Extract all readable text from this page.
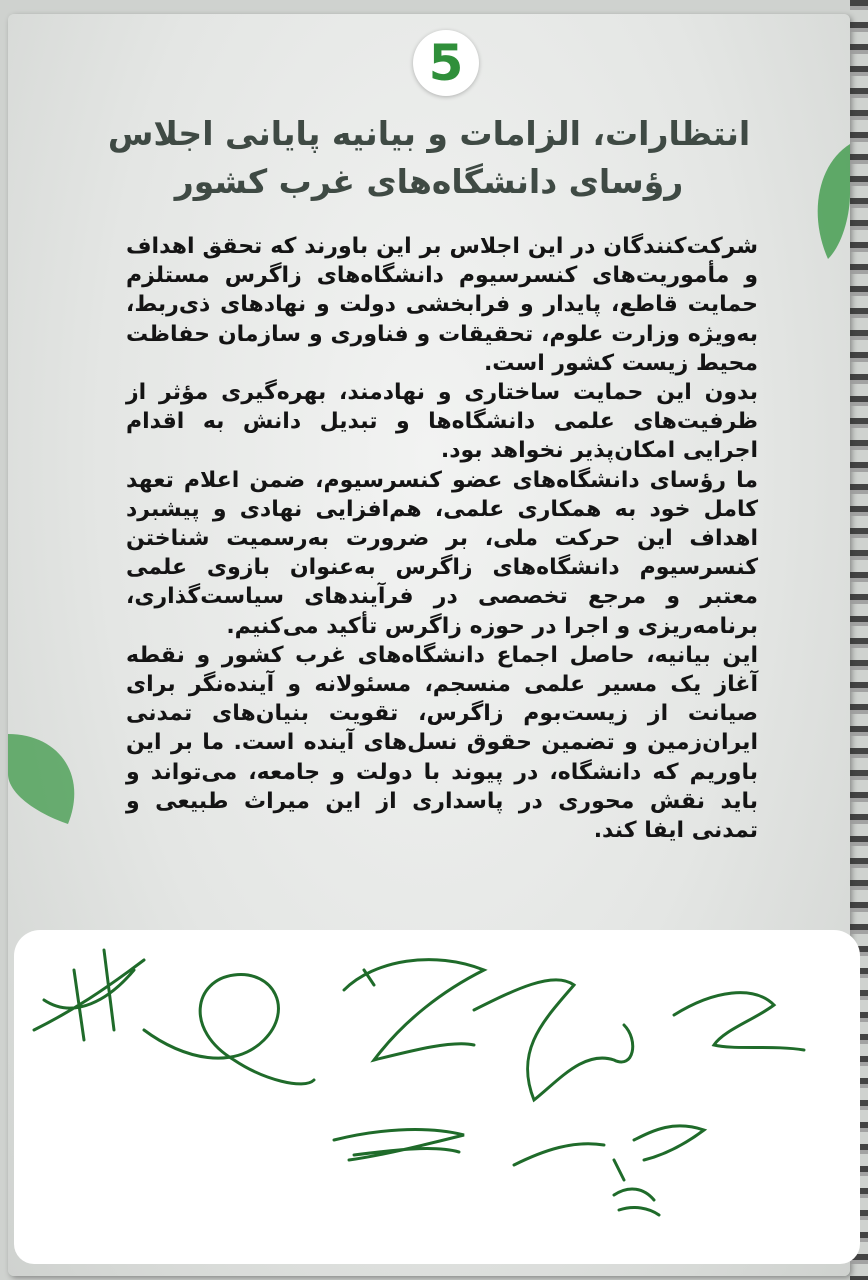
5
انتظارات، الزامات و بیانیه پایانی اجلاس
رؤسای دانشگاه‌های غرب کشور

شرکت‌کنندگان در این اجلاس بر این باورند که تحقق اهداف و مأموریت‌های کنسرسیوم دانشگاه‌های زاگرس مستلزم حمایت قاطع، پایدار و فرابخشی دولت و نهادهای ذی‌ربط، به‌ویژه وزارت علوم، تحقیقات و فناوری و سازمان حفاظت محیط زیست کشور است.

بدون این حمایت ساختاری و نهادمند، بهره‌گیری مؤثر از ظرفیت‌های علمی دانشگاه‌ها و تبدیل دانش به اقدام اجرایی امکان‌پذیر نخواهد بود.

ما رؤسای دانشگاه‌های عضو کنسرسیوم، ضمن اعلام تعهد کامل خود به همکاری علمی، هم‌افزایی نهادی و پیشبرد اهداف این حرکت ملی، بر ضرورت به‌رسمیت شناختن کنسرسیوم دانشگاه‌های زاگرس به‌عنوان بازوی علمی معتبر و مرجع تخصصی در فرآیندهای سیاست‌گذاری، برنامه‌ریزی و اجرا در حوزه زاگرس تأکید می‌کنیم.

این بیانیه، حاصل اجماع دانشگاه‌های غرب کشور و نقطه آغاز یک مسیر علمی منسجم، مسئولانه و آینده‌نگر برای صیانت از زیست‌بوم زاگرس، تقویت بنیان‌های تمدنی ایران‌زمین و تضمین حقوق نسل‌های آینده است. ما بر این باوریم که دانشگاه، در پیوند با دولت و جامعه، می‌تواند و باید نقش محوری در پاسداری از این میراث طبیعی و تمدنی ایفا کند.
